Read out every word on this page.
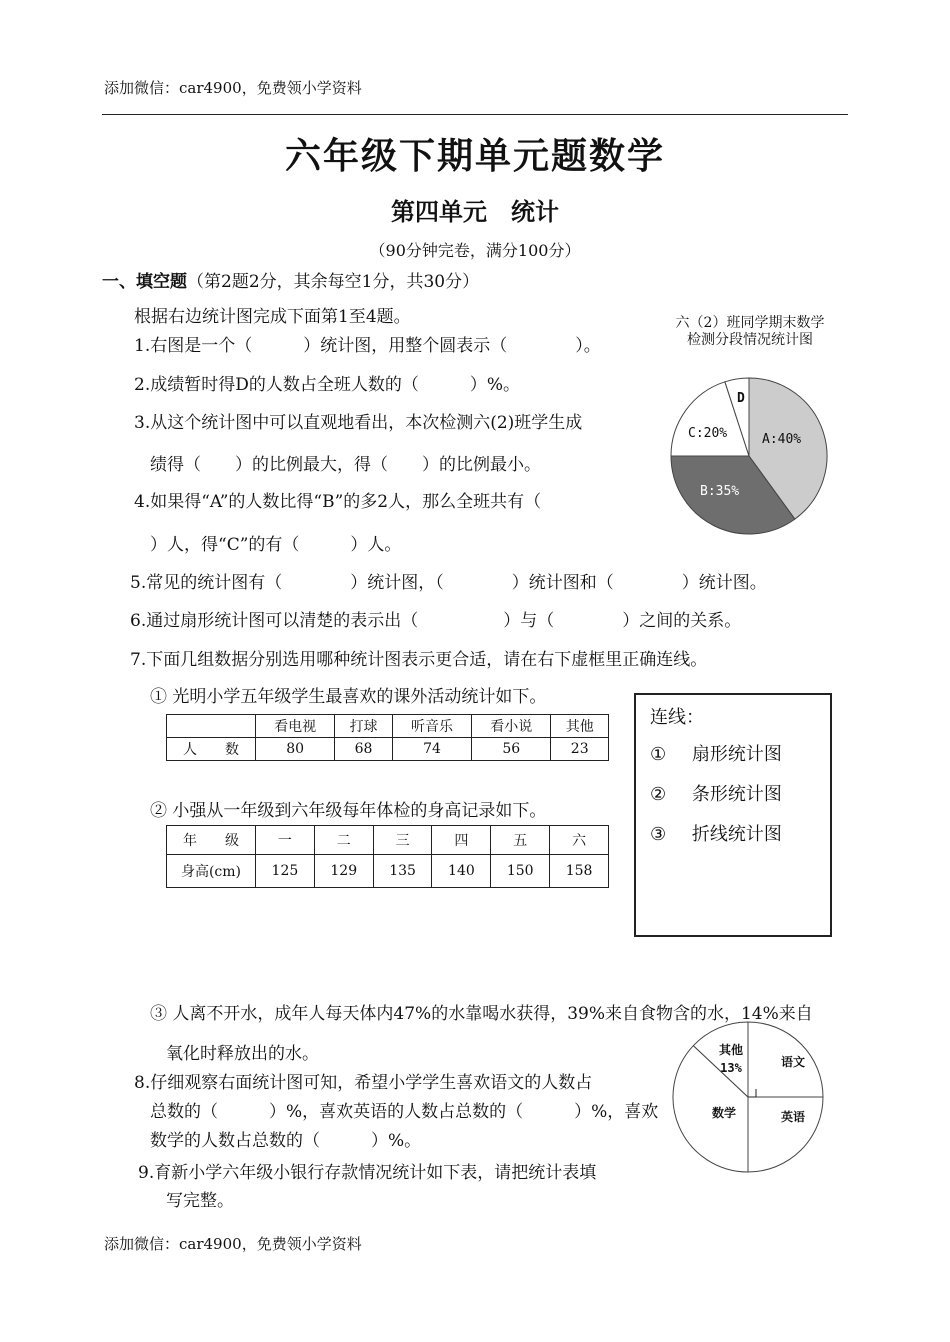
添加微信：car4900，免费领小学资料
六年级下期单元题数学
第四单元　统计
（90分钟完卷，满分100分）
一、填空题（第2题2分，其余每空1分，共30分）
根据右边统计图完成下面第1至4题。
1.右图是一个（　　　）统计图，用整个圆表示（　　　　）。
2.成绩暂时得D的人数占全班人数的（　　　）%。
3.从这个统计图中可以直观地看出，本次检测六(2)班学生成
绩得（　　）的比例最大，得（　　）的比例最小。
4.如果得“A”的人数比得“B”的多2人，那么全班共有（
）人，得“C”的有（　　　）人。
5.常见的统计图有（　　　　）统计图，（　　　　）统计图和（　　　　）统计图。
6.通过扇形统计图可以清楚的表示出（　　　　　）与（　　　　）之间的关系。
7.下面几组数据分别选用哪种统计图表示更合适，请在右下虚框里正确连线。
六（2）班同学期末数学
检测分段情况统计图
A:40%
B:35%
C:20%
D
① 光明小学五年级学生最喜欢的课外活动统计如下。
	看电视	打球	听音乐	看小说	其他
人　　数	80	68	74	56	23
② 小强从一年级到六年级每年体检的身高记录如下。
年　　级	一	二	三	四	五	六
身高(cm)	125	129	135	140	150	158
连线：
① 扇形统计图
② 条形统计图
③ 折线统计图
③ 人离不开水，成年人每天体内47%的水靠喝水获得，39%来自食物含的水，14%来自
氧化时释放出的水。
8.仔细观察右面统计图可知，希望小学学生喜欢语文的人数占
总数的（　　　）%，喜欢英语的人数占总数的（　　　）%，喜欢
数学的人数占总数的（　　　）%。
语文
英语
数学
其他
13%
9.育新小学六年级小银行存款情况统计如下表，请把统计表填
写完整。
添加微信：car4900，免费领小学资料
